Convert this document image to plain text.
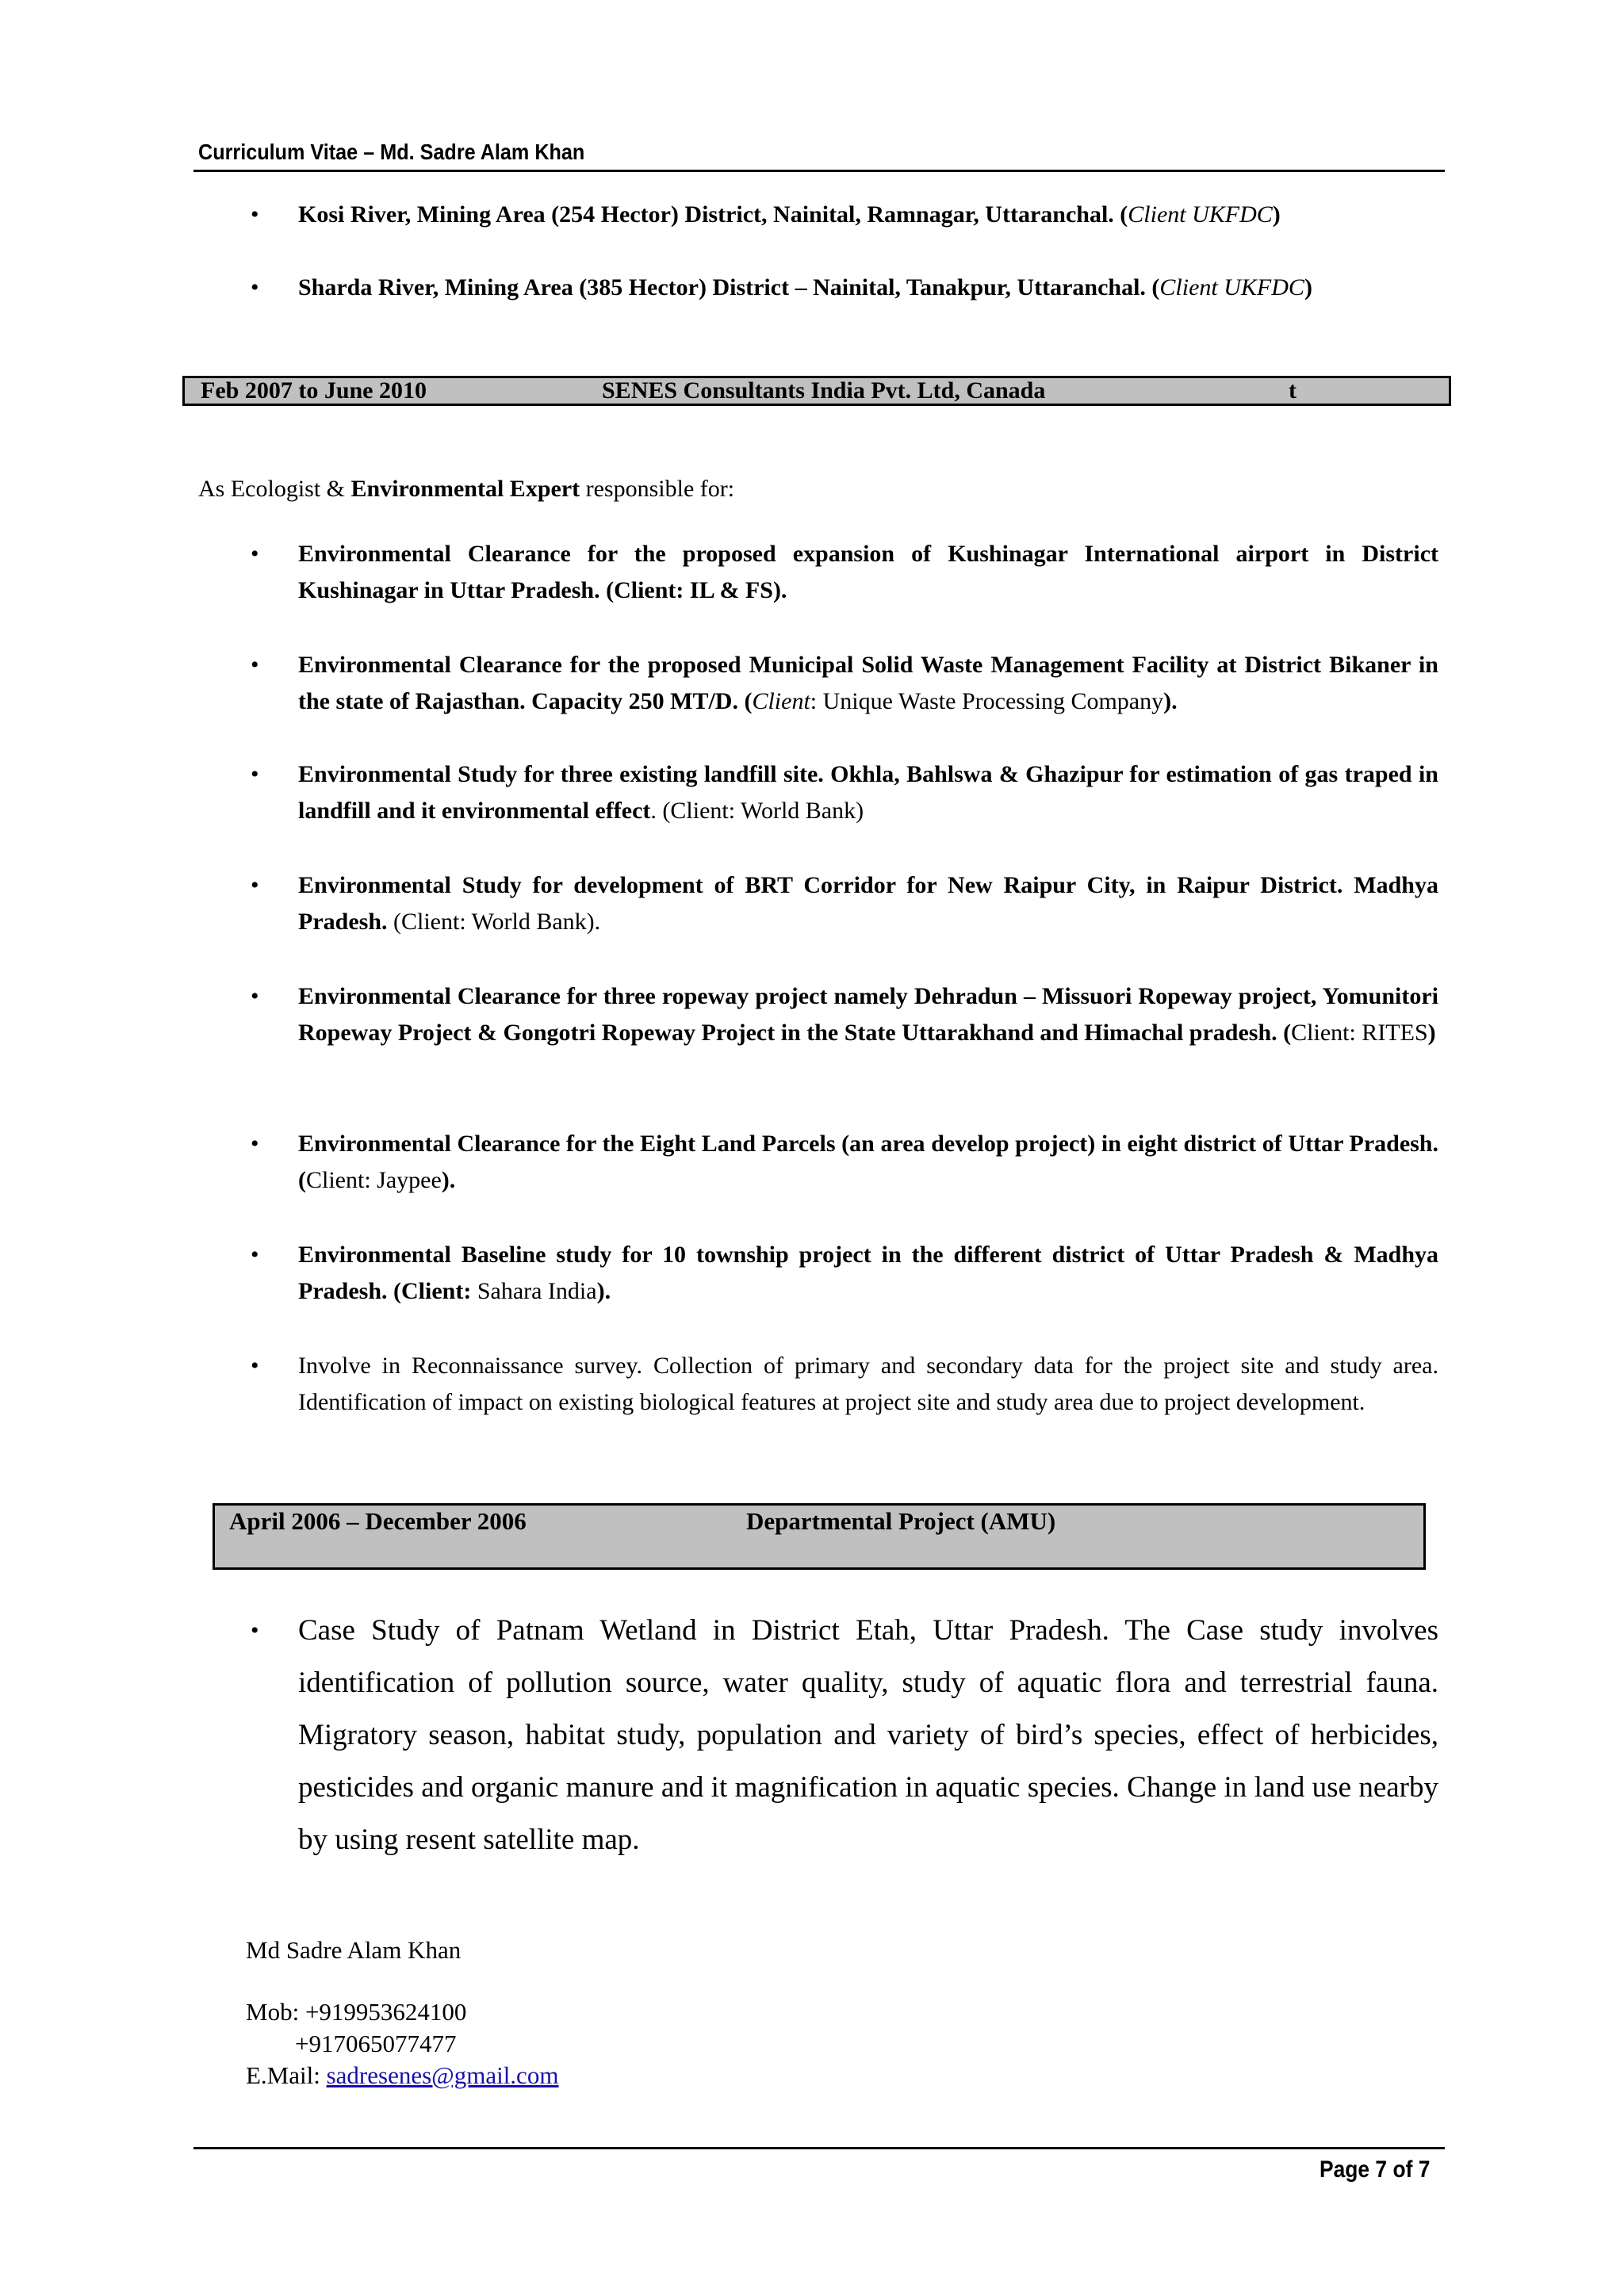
Curriculum Vitae – Md. Sadre Alam Khan
• Kosi River, Mining Area (254 Hector) District, Nainital, Ramnagar, Uttaranchal. (Client UKFDC)
• Sharda River, Mining Area (385 Hector) District – Nainital, Tanakpur, Uttaranchal. (Client UKFDC)
Feb 2007 to June 2010	SENES Consultants India Pvt. Ltd, Canada	t
As Ecologist & Environmental Expert responsible for:
• Environmental Clearance for the proposed expansion of Kushinagar International airport in District Kushinagar in Uttar Pradesh. (Client: IL & FS).
• Environmental Clearance for the proposed Municipal Solid Waste Management Facility at District Bikaner in the state of Rajasthan. Capacity 250 MT/D. (Client: Unique Waste Processing Company).
• Environmental Study for three existing landfill site. Okhla, Bahlswa & Ghazipur for estimation of gas traped in landfill and it environmental effect. (Client: World Bank)
• Environmental Study for development of BRT Corridor for New Raipur City, in Raipur District. Madhya Pradesh. (Client: World Bank).
• Environmental Clearance for three ropeway project namely Dehradun – Missuori Ropeway project, Yomunitori Ropeway Project & Gongotri Ropeway Project in the State Uttarakhand and Himachal pradesh. (Client: RITES)
• Environmental Clearance for the Eight Land Parcels (an area develop project) in eight district of Uttar Pradesh. (Client: Jaypee).
• Environmental Baseline study for 10 township project in the different district of Uttar Pradesh & Madhya Pradesh. (Client: Sahara India).
• Involve in Reconnaissance survey. Collection of primary and secondary data for the project site and study area. Identification of impact on existing biological features at project site and study area due to project development.
April 2006 – December 2006	Departmental Project (AMU)
• Case Study of Patnam Wetland in District Etah, Uttar Pradesh. The Case study involves identification of pollution source, water quality, study of aquatic flora and terrestrial fauna. Migratory season, habitat study, population and variety of bird’s species, effect of herbicides, pesticides and organic manure and it magnification in aquatic species. Change in land use nearby by using resent satellite map.
Md Sadre Alam Khan
Mob: +919953624100
+917065077477
E.Mail: sadresenes@gmail.com
Page 7 of 7
